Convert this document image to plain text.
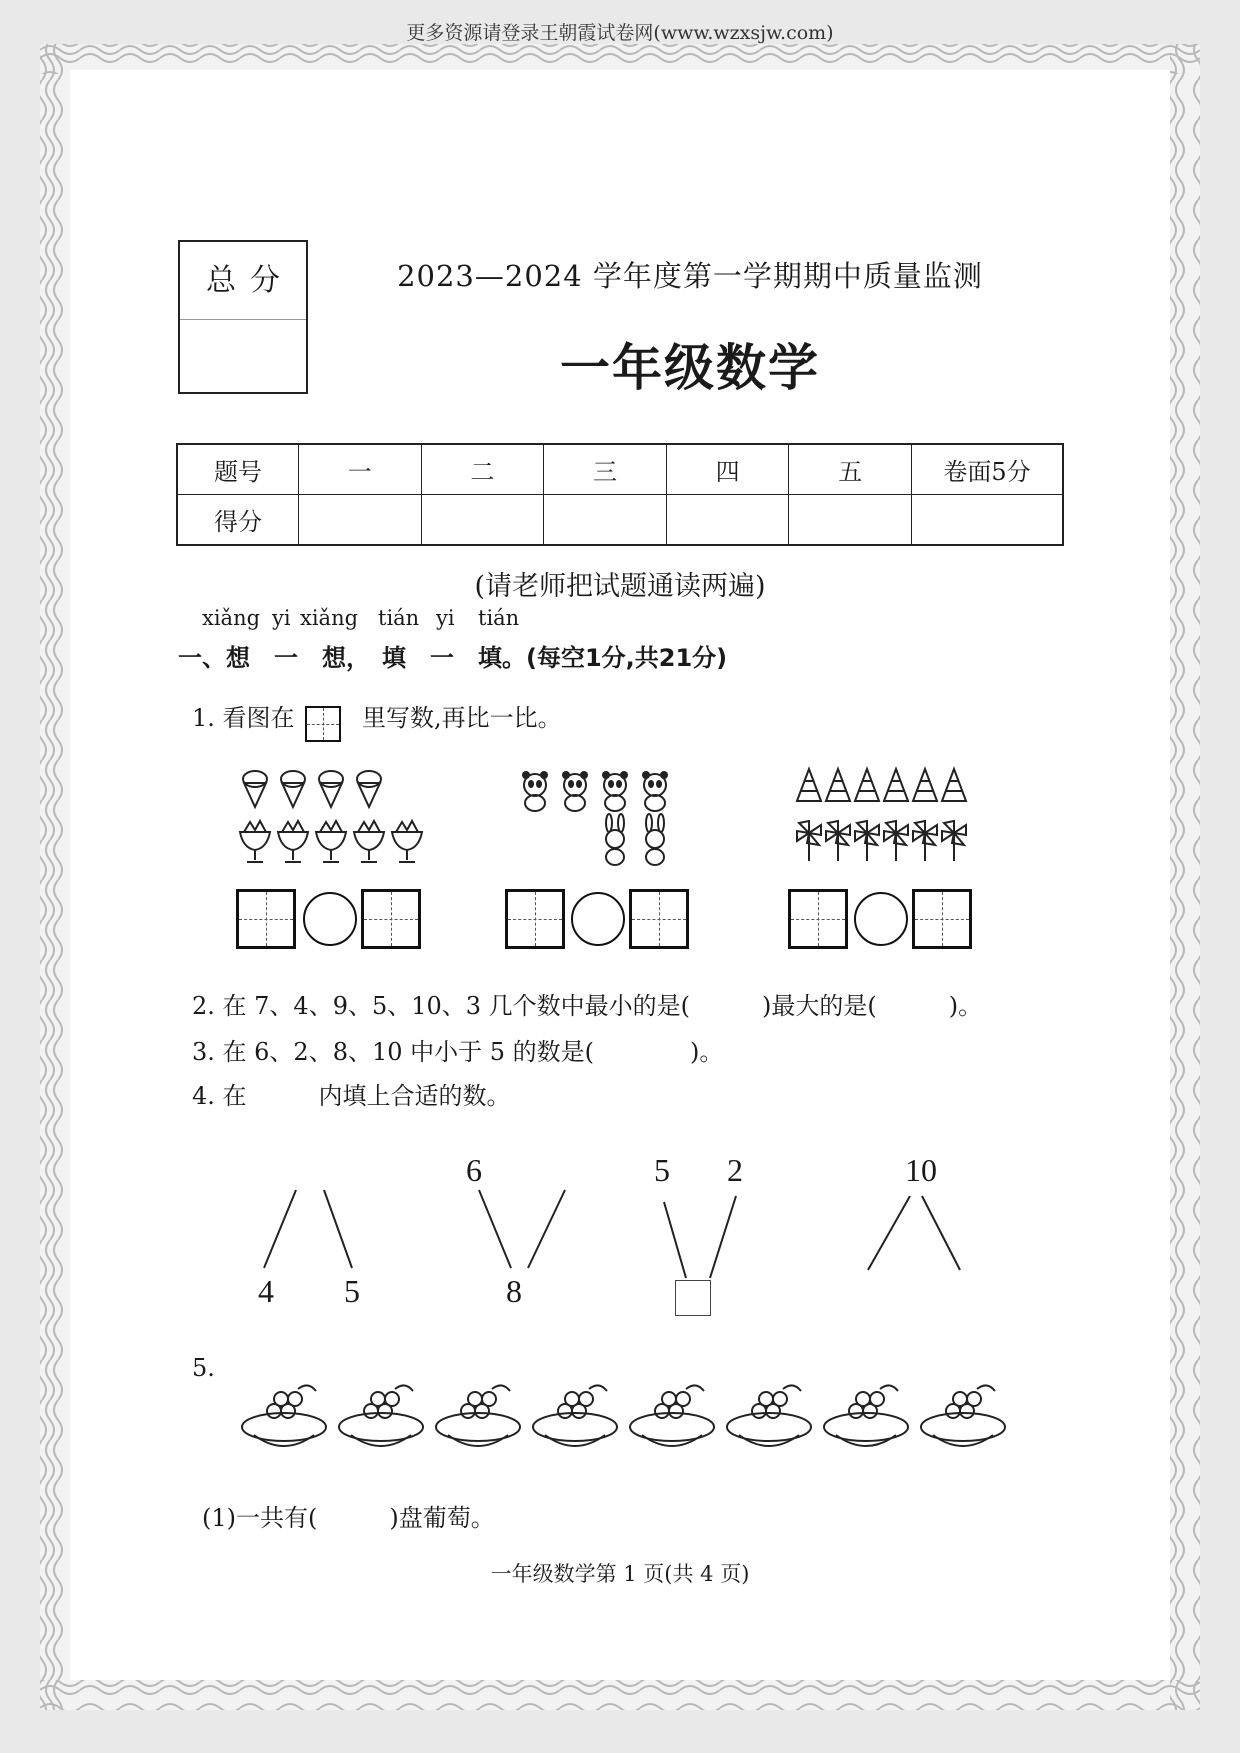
更多资源请登录王朝霞试卷网(www.wzxsjw.com)
总分	2023—2024 学年度第一学期期中质量监测
一年级数学
题号	一	二	三	四	五	卷面5分
得分						
(请老师把试题通读两遍)
xiǎng yi xiǎng tián yi tián
一、想　一　想，　填　一　填。(每空1分,共21分)
1. 看图在	里写数,再比一比。
2. 在 7、4、9、5、10、3 几个数中最小的是(　　　)最大的是(　　　)。
3. 在 6、2、8、10 中小于 5 的数是(　　　　)。
4. 在　　　内填上合适的数。
4 5
6
8
5 2	10
5.
(1)一共有(　　　)盘葡萄。
一年级数学第 1 页(共 4 页)
